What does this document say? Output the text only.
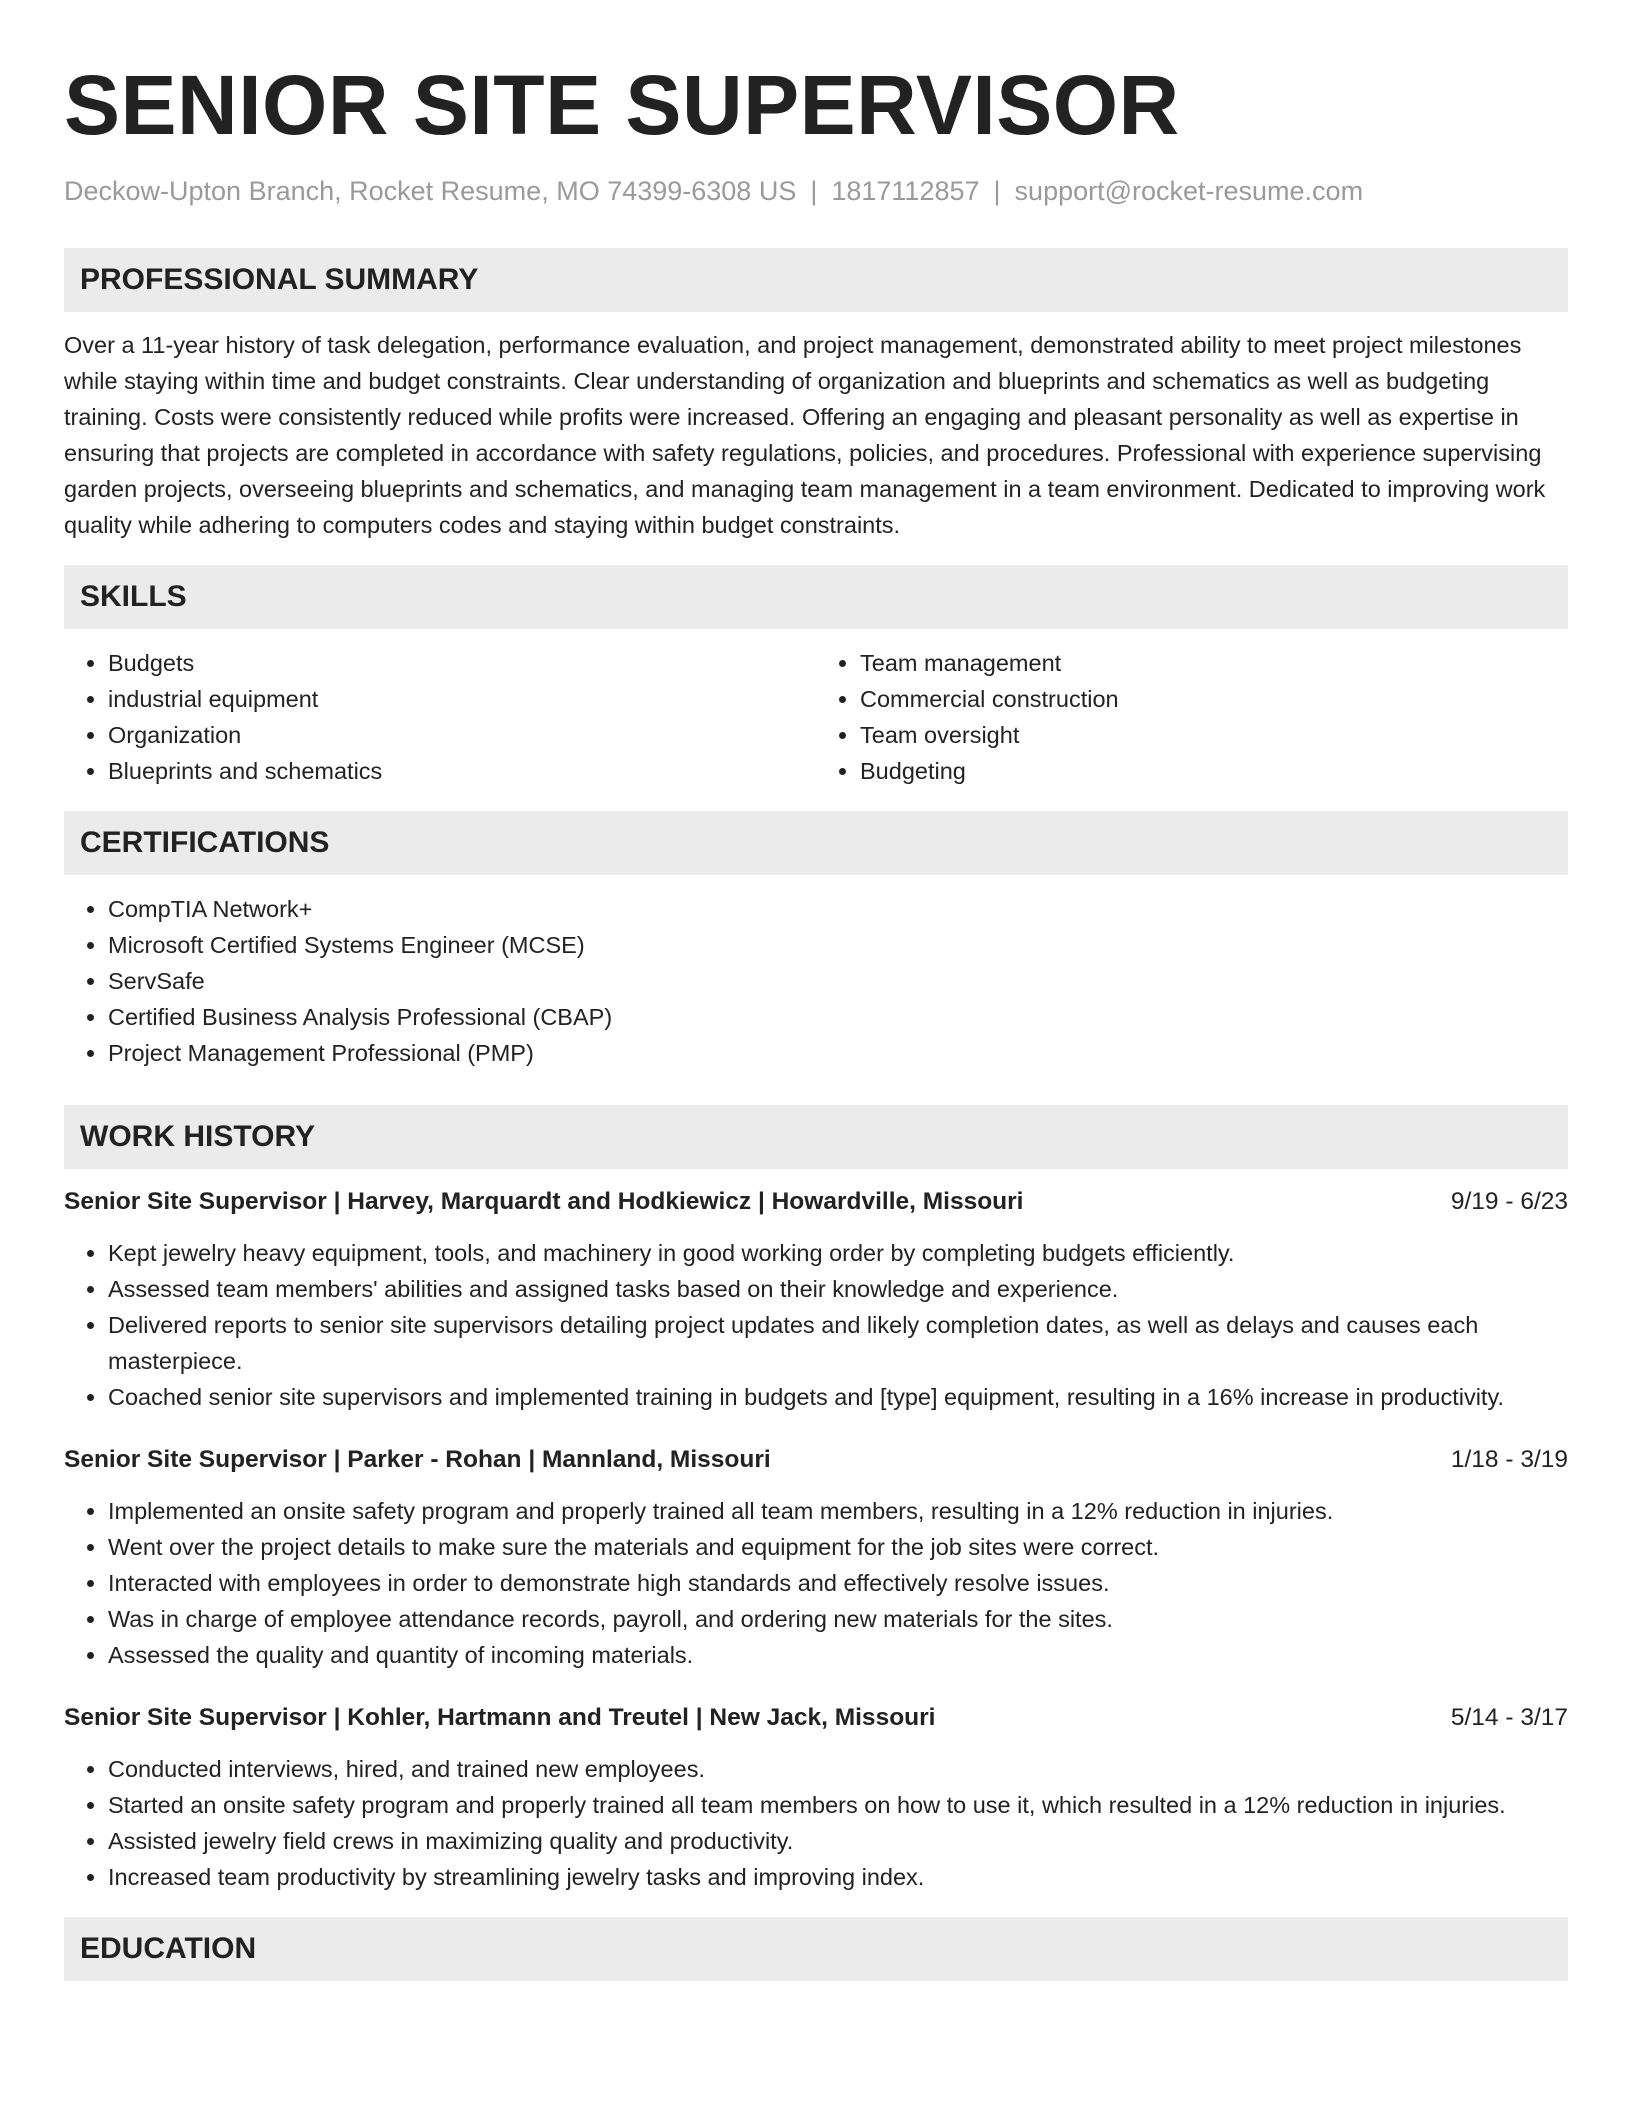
SENIOR SITE SUPERVISOR
Deckow-Upton Branch, Rocket Resume, MO 74399-6308 US | 1817112857 | support@rocket-resume.com
PROFESSIONAL SUMMARY

Over a 11-year history of task delegation, performance evaluation, and project management, demonstrated ability to meet project milestones while staying within time and budget constraints. Clear understanding of organization and blueprints and schematics as well as budgeting training. Costs were consistently reduced while profits were increased. Offering an engaging and pleasant personality as well as expertise in ensuring that projects are completed in accordance with safety regulations, policies, and procedures. Professional with experience supervising garden projects, overseeing blueprints and schematics, and managing team management in a team environment. Dedicated to improving work quality while adhering to computers codes and staying within budget constraints.

SKILLS
• Budgets
• industrial equipment
• Organization
• Blueprints and schematics
• Team management
• Commercial construction
• Team oversight
• Budgeting
CERTIFICATIONS
• CompTIA Network+
• Microsoft Certified Systems Engineer (MCSE)
• ServSafe
• Certified Business Analysis Professional (CBAP)
• Project Management Professional (PMP)
WORK HISTORY
Senior Site Supervisor | Harvey, Marquardt and Hodkiewicz | Howardville, Missouri	9/19 - 6/23
• Kept jewelry heavy equipment, tools, and machinery in good working order by completing budgets efficiently.
• Assessed team members' abilities and assigned tasks based on their knowledge and experience.
• Delivered reports to senior site supervisors detailing project updates and likely completion dates, as well as delays and causes each masterpiece.
• Coached senior site supervisors and implemented training in budgets and [type] equipment, resulting in a 16% increase in productivity.
Senior Site Supervisor | Parker - Rohan | Mannland, Missouri	1/18 - 3/19
• Implemented an onsite safety program and properly trained all team members, resulting in a 12% reduction in injuries.
• Went over the project details to make sure the materials and equipment for the job sites were correct.
• Interacted with employees in order to demonstrate high standards and effectively resolve issues.
• Was in charge of employee attendance records, payroll, and ordering new materials for the sites.
• Assessed the quality and quantity of incoming materials.
Senior Site Supervisor | Kohler, Hartmann and Treutel | New Jack, Missouri	5/14 - 3/17
• Conducted interviews, hired, and trained new employees.
• Started an onsite safety program and properly trained all team members on how to use it, which resulted in a 12% reduction in injuries.
• Assisted jewelry field crews in maximizing quality and productivity.
• Increased team productivity by streamlining jewelry tasks and improving index.
EDUCATION
